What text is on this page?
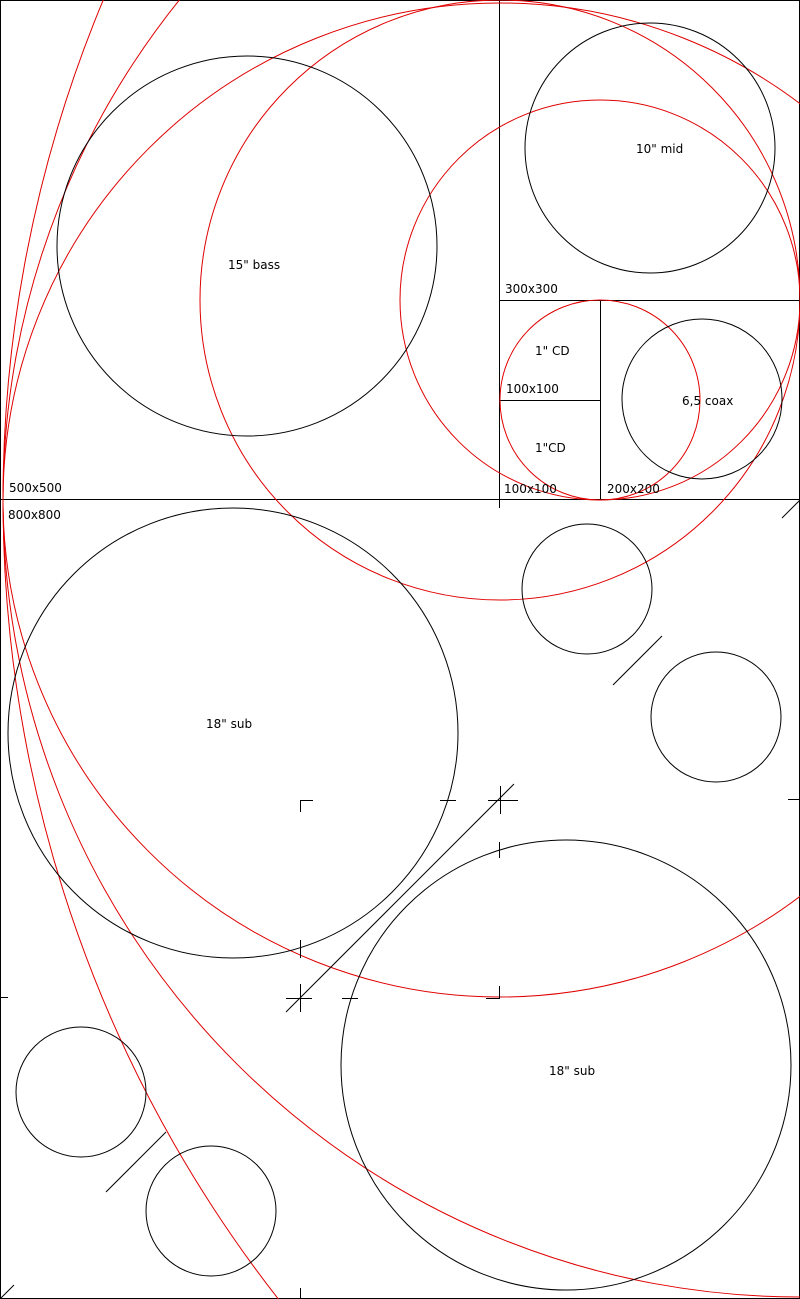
15" bass
10" mid
1" CD
1"CD
6,5 coax
18" sub
18" sub
500x500
300x300
100x100
100x100	200x200
800x800
